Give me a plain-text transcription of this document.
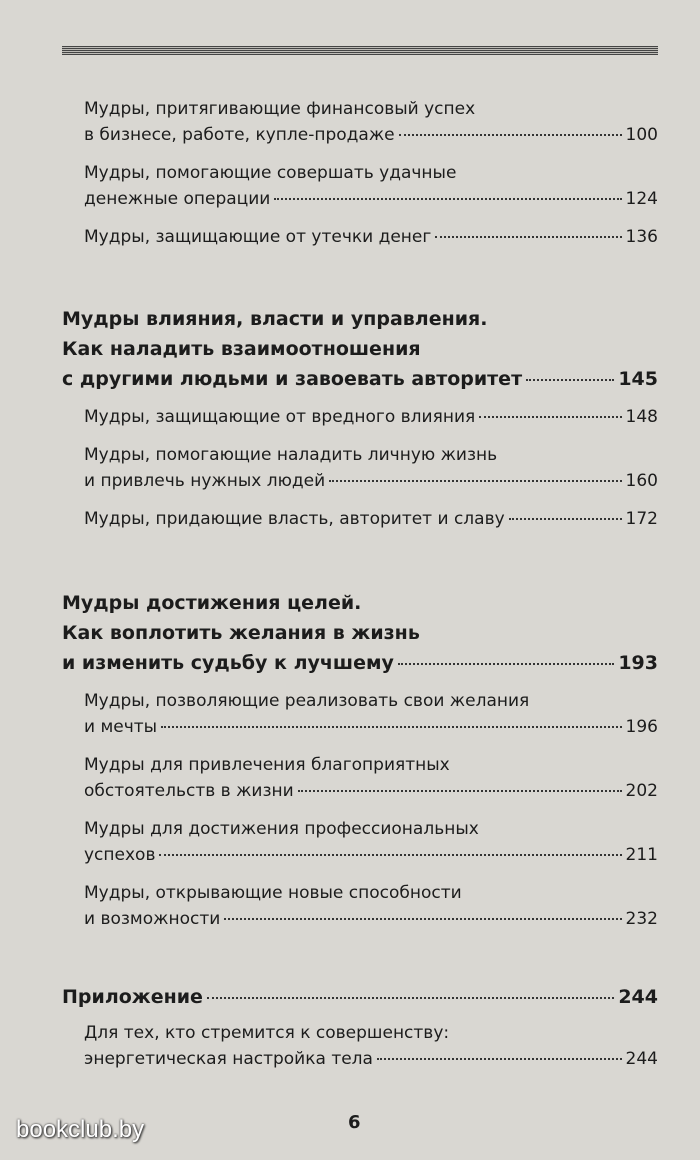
Мудры, притягивающие финансовый успех
в бизнесе, работе, купле-продаже	100
Мудры, помогающие совершать удачные
денежные операции	124
Мудры, защищающие от утечки денег	136
Мудры влияния, власти и управления.
Как наладить взаимоотношения
с другими людьми и завоевать авторитет	145
Мудры, защищающие от вредного влияния	148
Мудры, помогающие наладить личную жизнь
и привлечь нужных людей	160
Мудры, придающие власть, авторитет и славу	172
Мудры достижения целей.
Как воплотить желания в жизнь
и изменить судьбу к лучшему	193
Мудры, позволяющие реализовать свои желания
и мечты	196
Мудры для привлечения благоприятных
обстоятельств в жизни	202
Мудры для достижения профессиональных
успехов	211
Мудры, открывающие новые способности
и возможности	232
Приложение	244
Для тех, кто стремится к совершенству:
энергетическая настройка тела	244
6
bookclub.by
